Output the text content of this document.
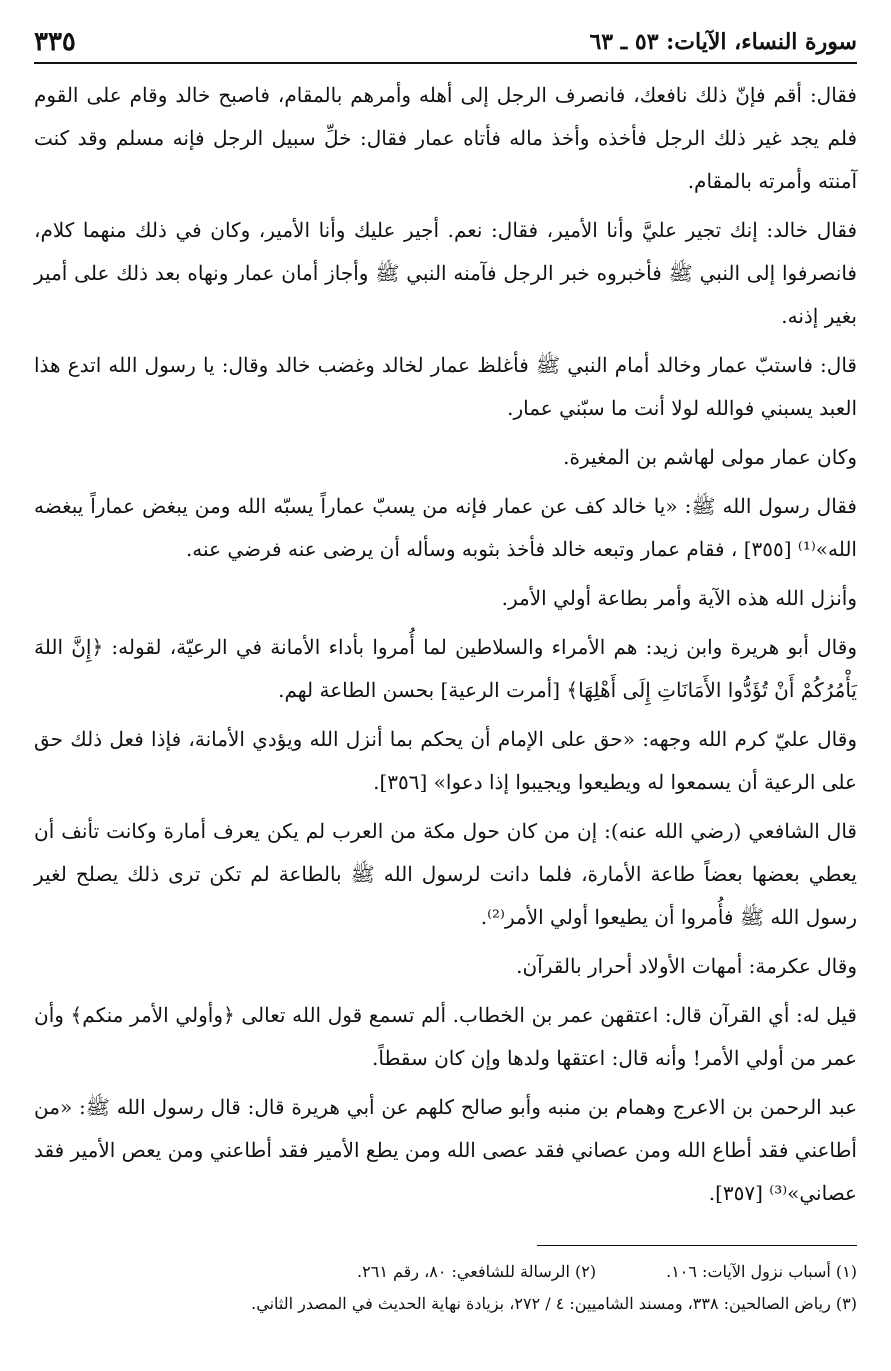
سورة النساء، الآيات: ٥٣ ـ ٦٣
٣٣٥

فقال: أقم فإنّ ذلك نافعك، فانصرف الرجل إلى أهله وأمرهم بالمقام، فاصبح خالد وقام على القوم فلم يجد غير ذلك الرجل فأخذه وأخذ ماله فأتاه عمار فقال: خلِّ سبيل الرجل فإنه مسلم وقد كنت آمنته وأمرته بالمقام.

فقال خالد: إنك تجير عليَّ وأنا الأمير، فقال: نعم. أجير عليك وأنا الأمير، وكان في ذلك منهما كلام، فانصرفوا إلى النبي ﷺ فأخبروه خبر الرجل فآمنه النبي ﷺ وأجاز أمان عمار ونهاه بعد ذلك على أمير بغير إذنه.

قال: فاستبّ عمار وخالد أمام النبي ﷺ فأغلظ عمار لخالد وغضب خالد وقال: يا رسول الله اتدع هذا العبد يسبني فوالله لولا أنت ما سبّني عمار.

وكان عمار مولى لهاشم بن المغيرة.

فقال رسول الله ﷺ: «يا خالد كف عن عمار فإنه من يسبّ عماراً يسبّه الله ومن يبغض عماراً يبغضه الله»⁽¹⁾ [٣٥٥] ، فقام عمار وتبعه خالد فأخذ بثوبه وسأله أن يرضى عنه فرضي عنه.

وأنزل الله هذه الآية وأمر بطاعة أولي الأمر.

وقال أبو هريرة وابن زيد: هم الأمراء والسلاطين لما أُمروا بأداء الأمانة في الرعيّة، لقوله: ﴿إِنَّ اللهَ يَأْمُرُكُمْ أَنْ تُؤَدُّوا الأَمَانَاتِ إِلَى أَهْلِهَا﴾ [أمرت الرعية] بحسن الطاعة لهم.

وقال عليّ كرم الله وجهه: «حق على الإمام أن يحكم بما أنزل الله ويؤدي الأمانة، فإذا فعل ذلك حق على الرعية أن يسمعوا له ويطيعوا ويجيبوا إذا دعوا» [٣٥٦].

قال الشافعي (رضي الله عنه): إن من كان حول مكة من العرب لم يكن يعرف أمارة وكانت تأنف أن يعطي بعضها بعضاً طاعة الأمارة، فلما دانت لرسول الله ﷺ بالطاعة لم تكن ترى ذلك يصلح لغير رسول الله ﷺ فأُمروا أن يطيعوا أولي الأمر⁽²⁾.

وقال عكرمة: أمهات الأولاد أحرار بالقرآن.

قيل له: أي القرآن قال: اعتقهن عمر بن الخطاب. ألم تسمع قول الله تعالى ﴿وأولي الأمر منكم﴾ وأن عمر من أولي الأمر! وأنه قال: اعتقها ولدها وإن كان سقطاً.

عبد الرحمن بن الاعرج وهمام بن منبه وأبو صالح كلهم عن أبي هريرة قال: قال رسول الله ﷺ: «من أطاعني فقد أطاع الله ومن عصاني فقد عصى الله ومن يطع الأمير فقد أطاعني ومن يعص الأمير فقد عصاني»⁽³⁾ [٣٥٧].

(١) أسباب نزول الآيات: ١٠٦.
(٢) الرسالة للشافعي: ٨٠، رقم ٢٦١.
(٣) رياض الصالحين: ٣٣٨، ومسند الشاميين: ٤ / ٢٧٢، بزيادة نهاية الحديث في المصدر الثاني.
